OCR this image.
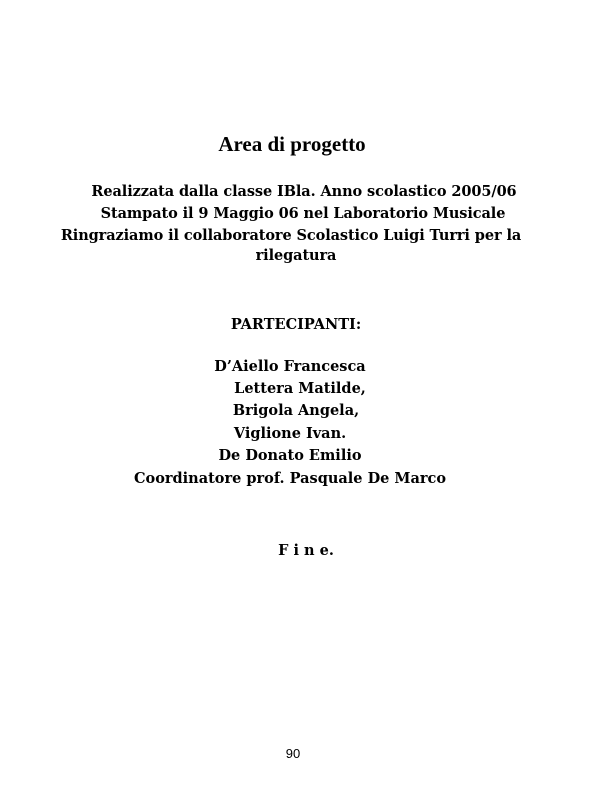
Area di progetto
Realizzata dalla classe IBla. Anno scolastico 2005/06
Stampato il 9 Maggio 06 nel Laboratorio Musicale
Ringraziamo il collaboratore Scolastico Luigi Turri per la
rilegatura
PARTECIPANTI:
D’Aiello Francesca
Lettera Matilde,
Brigola Angela,
Viglione Ivan.
De Donato Emilio
Coordinatore prof. Pasquale De Marco
F i n e.
90
